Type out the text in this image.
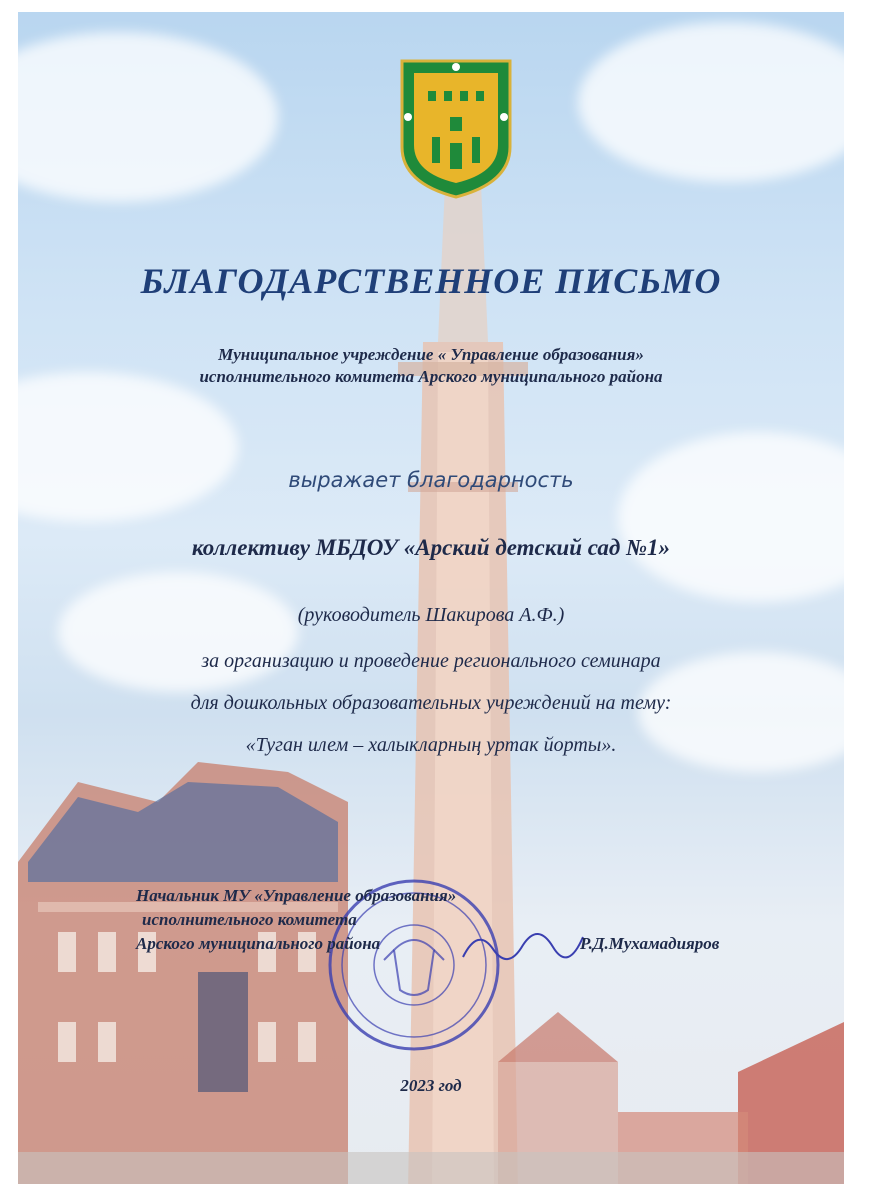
БЛАГОДАРСТВЕННОЕ ПИСЬМО
Муниципальное учреждение « Управление образования»
исполнительного комитета Арского муниципального района
выражает благодарность
коллективу МБДОУ «Арский детский сад №1»
(руководитель Шакирова А.Ф.)
за организацию и проведение регионального семинара
для дошкольных образовательных учреждений на тему:
«Туган илем – халыкларның уртак йорты».
Начальник МУ «Управление образования»
исполнительного комитета
Арского муниципального района	Р.Д.Мухамадияров
2023 год
